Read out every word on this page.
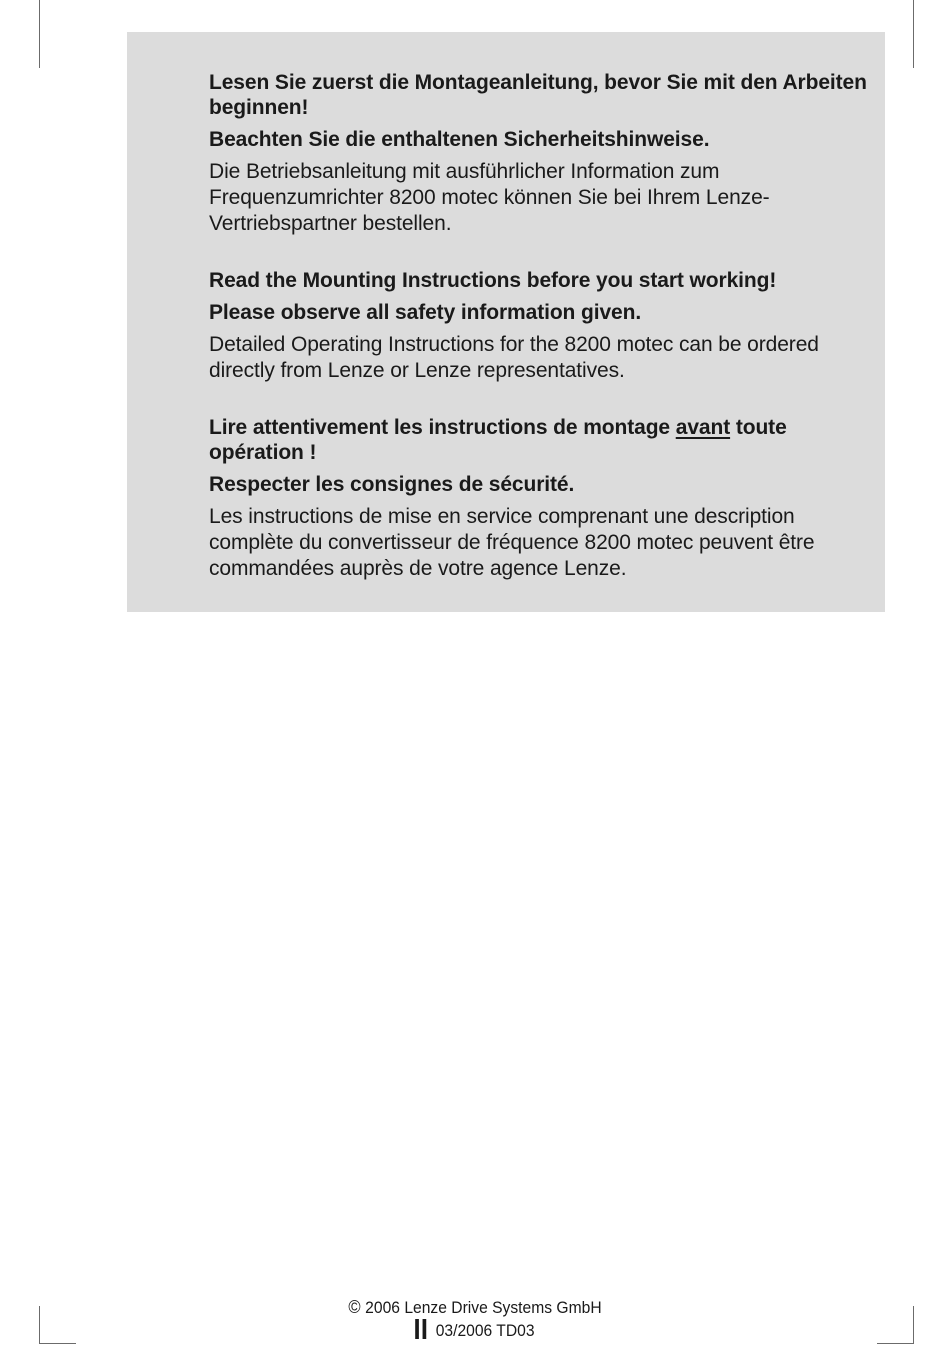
Lesen Sie zuerst die Montageanleitung, bevor Sie mit den Arbeiten beginnen!

Beachten Sie die enthaltenen Sicherheitshinweise.

Die Betriebsanleitung mit ausführlicher Information zum Frequenzumrichter 8200 motec können Sie bei Ihrem Lenze-Vertriebspartner bestellen.

Read the Mounting Instructions before you start working!

Please observe all safety information given.

Detailed Operating Instructions for the 8200 motec can be ordered directly from Lenze or Lenze representatives.

Lire attentivement les instructions de montage avant toute opération !

Respecter les consignes de sécurité.

Les instructions de mise en service comprenant une description complète du convertisseur de fréquence 8200 motec peuvent être commandées auprès de votre agence Lenze.

© 2006 Lenze Drive Systems GmbH
03/2006 TD03
